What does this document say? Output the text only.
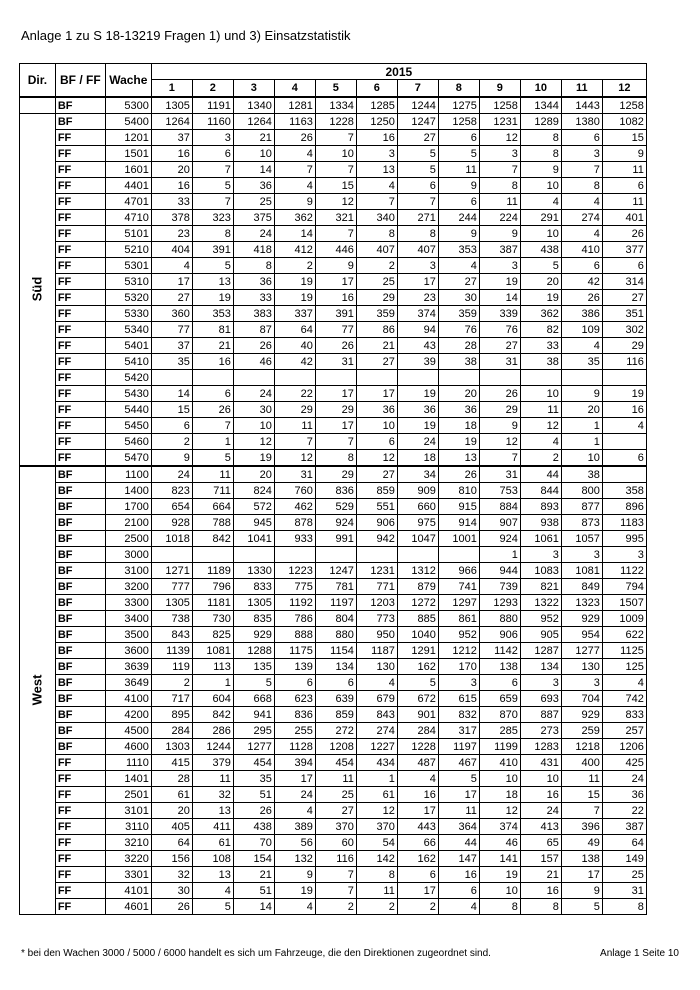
Anlage 1 zu S 18-13219 Fragen 1) und 3) Einsatzstatistik
Dir.	BF / FF	Wache	2015											
			1	2	3	4	5	6	7	8	9	10	11	12
	BF	5300	1305	1191	1340	1281	1334	1285	1244	1275	1258	1344	1443	1258
Süd	BF	5400	1264	1160	1264	1163	1228	1250	1247	1258	1231	1289	1380	1082
	FF	1201	37	3	21	26	7	16	27	6	12	8	6	15
	FF	1501	16	6	10	4	10	3	5	5	3	8	3	9
	FF	1601	20	7	14	7	7	13	5	11	7	9	7	11
	FF	4401	16	5	36	4	15	4	6	9	8	10	8	6
	FF	4701	33	7	25	9	12	7	7	6	11	4	4	11
	FF	4710	378	323	375	362	321	340	271	244	224	291	274	401
	FF	5101	23	8	24	14	7	8	8	9	9	10	4	26
	FF	5210	404	391	418	412	446	407	407	353	387	438	410	377
	FF	5301	4	5	8	2	9	2	3	4	3	5	6	6
	FF	5310	17	13	36	19	17	25	17	27	19	20	42	314
	FF	5320	27	19	33	19	16	29	23	30	14	19	26	27
	FF	5330	360	353	383	337	391	359	374	359	339	362	386	351
	FF	5340	77	81	87	64	77	86	94	76	76	82	109	302
	FF	5401	37	21	26	40	26	21	43	28	27	33	4	29
	FF	5410	35	16	46	42	31	27	39	38	31	38	35	116
	FF	5420												
	FF	5430	14	6	24	22	17	17	19	20	26	10	9	19
	FF	5440	15	26	30	29	29	36	36	36	29	11	20	16
	FF	5450	6	7	10	11	17	10	19	18	9	12	1	4
	FF	5460	2	1	12	7	7	6	24	19	12	4	1	
	FF	5470	9	5	19	12	8	12	18	13	7	2	10	6
West	BF	1100	24	11	20	31	29	27	34	26	31	44	38	
	BF	1400	823	711	824	760	836	859	909	810	753	844	800	358
	BF	1700	654	664	572	462	529	551	660	915	884	893	877	896
	BF	2100	928	788	945	878	924	906	975	914	907	938	873	1183
	BF	2500	1018	842	1041	933	991	942	1047	1001	924	1061	1057	995
	BF	3000									1	3	3	3
	BF	3100	1271	1189	1330	1223	1247	1231	1312	966	944	1083	1081	1122
	BF	3200	777	796	833	775	781	771	879	741	739	821	849	794
	BF	3300	1305	1181	1305	1192	1197	1203	1272	1297	1293	1322	1323	1507
	BF	3400	738	730	835	786	804	773	885	861	880	952	929	1009
	BF	3500	843	825	929	888	880	950	1040	952	906	905	954	622
	BF	3600	1139	1081	1288	1175	1154	1187	1291	1212	1142	1287	1277	1125
	BF	3639	119	113	135	139	134	130	162	170	138	134	130	125
	BF	3649	2	1	5	6	6	4	5	3	6	3	3	4
	BF	4100	717	604	668	623	639	679	672	615	659	693	704	742
	BF	4200	895	842	941	836	859	843	901	832	870	887	929	833
	BF	4500	284	286	295	255	272	274	284	317	285	273	259	257
	BF	4600	1303	1244	1277	1128	1208	1227	1228	1197	1199	1283	1218	1206
	FF	1110	415	379	454	394	454	434	487	467	410	431	400	425
	FF	1401	28	11	35	17	11	1	4	5	10	10	11	24
	FF	2501	61	32	51	24	25	61	16	17	18	16	15	36
	FF	3101	20	13	26	4	27	12	17	11	12	24	7	22
	FF	3110	405	411	438	389	370	370	443	364	374	413	396	387
	FF	3210	64	61	70	56	60	54	66	44	46	65	49	64
	FF	3220	156	108	154	132	116	142	162	147	141	157	138	149
	FF	3301	32	13	21	9	7	8	6	16	19	21	17	25
	FF	4101	30	4	51	19	7	11	17	6	10	16	9	31
	FF	4601	26	5	14	4	2	2	2	4	8	8	5	8
* bei den Wachen 3000 / 5000 / 6000 handelt es sich um Fahrzeuge, die den Direktionen zugeordnet sind.	Anlage 1 Seite 10
